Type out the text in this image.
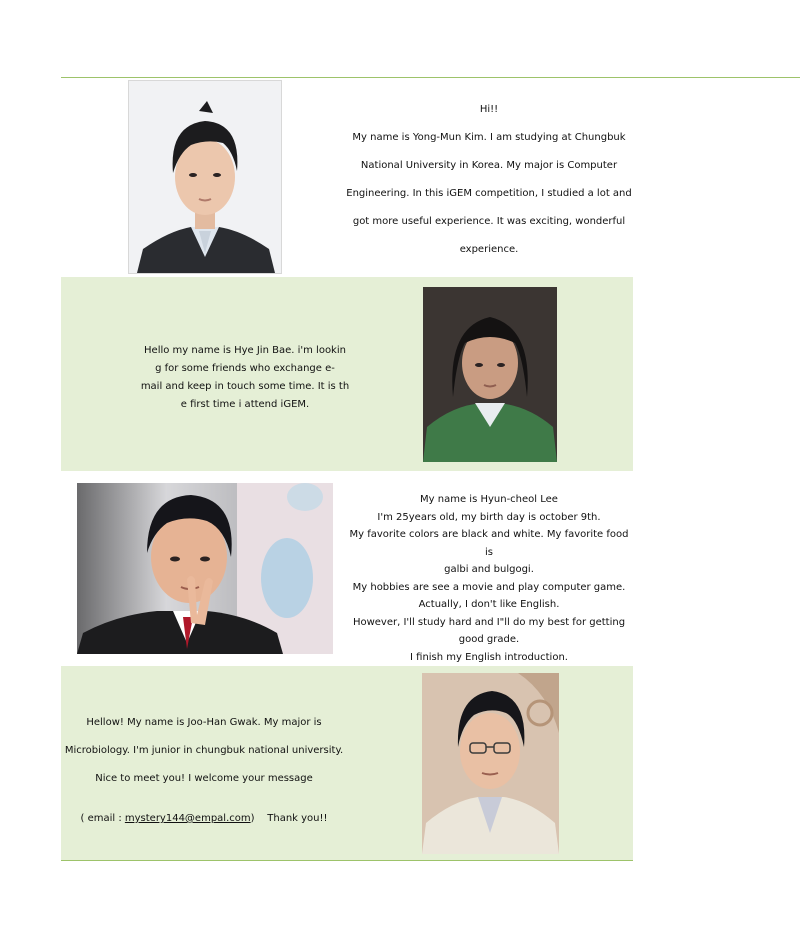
Hi!!

My name is Yong-Mun Kim. I am studying at Chungbuk

National University in Korea. My major is Computer

Engineering. In this iGEM competition, I studied a lot and

got more useful experience. It was exciting, wonderful

experience.

Hello my name is Hye Jin Bae. i'm lookin

g for some friends who exchange e-

mail and keep in touch some time. It is th

e first time i attend iGEM.

My name is Hyun-cheol Lee

I'm 25years old, my birth day is october 9th.

My favorite colors are black and white. My favorite food is

galbi and bulgogi.

My hobbies are see a movie and play computer game.

Actually, I don't like English.

However, I'll study hard and I"ll do my best for getting

good grade.

I finish my English introduction.

Hellow! My name is Joo-Han Gwak. My major is

Microbiology. I'm junior in chungbuk national university.

Nice to meet you! I welcome your message

( email : mystery144@empal.com)    Thank you!!
